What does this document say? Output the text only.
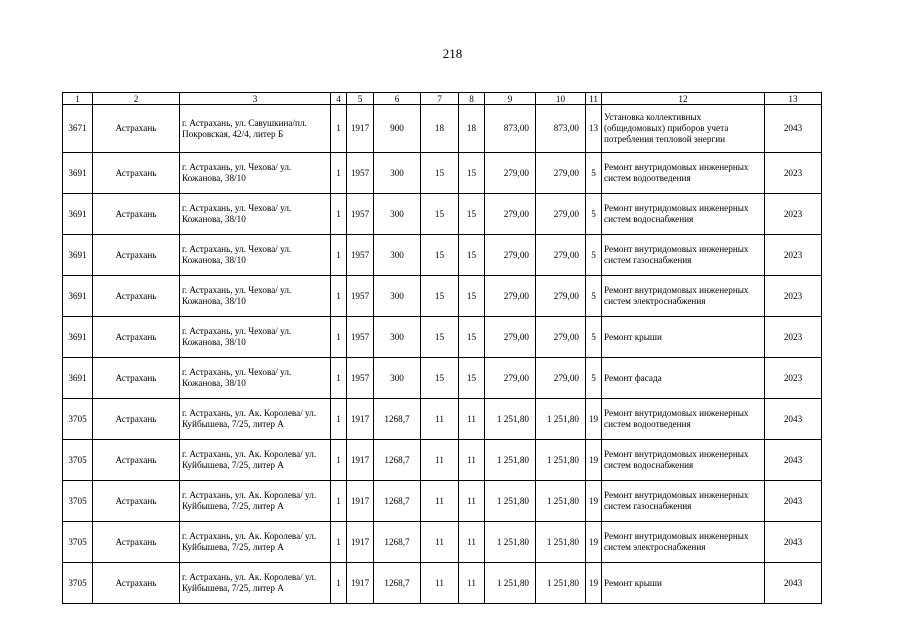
218
1	2	3	4	5	6	7	8	9	10	11	12	13
3671	Астрахань	г. Астрахань, ул. Савушкина/пл. Покровская, 42/4, литер Б	1	1917	900	18	18	873,00	873,00	13	Установка коллективных (общедомовых) приборов учета потребления тепловой энергии	2043
3691	Астрахань	г. Астрахань, ул. Чехова/ ул. Кожанова, 38/10	1	1957	300	15	15	279,00	279,00	5	Ремонт внутридомовых инженерных систем водоотведения	2023
3691	Астрахань	г. Астрахань, ул. Чехова/ ул. Кожанова, 38/10	1	1957	300	15	15	279,00	279,00	5	Ремонт внутридомовых инженерных систем водоснабжения	2023
3691	Астрахань	г. Астрахань, ул. Чехова/ ул. Кожанова, 38/10	1	1957	300	15	15	279,00	279,00	5	Ремонт внутридомовых инженерных систем газоснабжения	2023
3691	Астрахань	г. Астрахань, ул. Чехова/ ул. Кожанова, 38/10	1	1957	300	15	15	279,00	279,00	5	Ремонт внутридомовых инженерных систем электроснабжения	2023
3691	Астрахань	г. Астрахань, ул. Чехова/ ул. Кожанова, 38/10	1	1957	300	15	15	279,00	279,00	5	Ремонт крыши	2023
3691	Астрахань	г. Астрахань, ул. Чехова/ ул. Кожанова, 38/10	1	1957	300	15	15	279,00	279,00	5	Ремонт фасада	2023
3705	Астрахань	г. Астрахань, ул. Ак. Королева/ ул. Куйбышева, 7/25, литер А	1	1917	1268,7	11	11	1 251,80	1 251,80	19	Ремонт внутридомовых инженерных систем водоотведения	2043
3705	Астрахань	г. Астрахань, ул. Ак. Королева/ ул. Куйбышева, 7/25, литер А	1	1917	1268,7	11	11	1 251,80	1 251,80	19	Ремонт внутридомовых инженерных систем водоснабжения	2043
3705	Астрахань	г. Астрахань, ул. Ак. Королева/ ул. Куйбышева, 7/25, литер А	1	1917	1268,7	11	11	1 251,80	1 251,80	19	Ремонт внутридомовых инженерных систем газоснабжения	2043
3705	Астрахань	г. Астрахань, ул. Ак. Королева/ ул. Куйбышева, 7/25, литер А	1	1917	1268,7	11	11	1 251,80	1 251,80	19	Ремонт внутридомовых инженерных систем электроснабжения	2043
3705	Астрахань	г. Астрахань, ул. Ак. Королева/ ул. Куйбышева, 7/25, литер А	1	1917	1268,7	11	11	1 251,80	1 251,80	19	Ремонт крыши	2043
